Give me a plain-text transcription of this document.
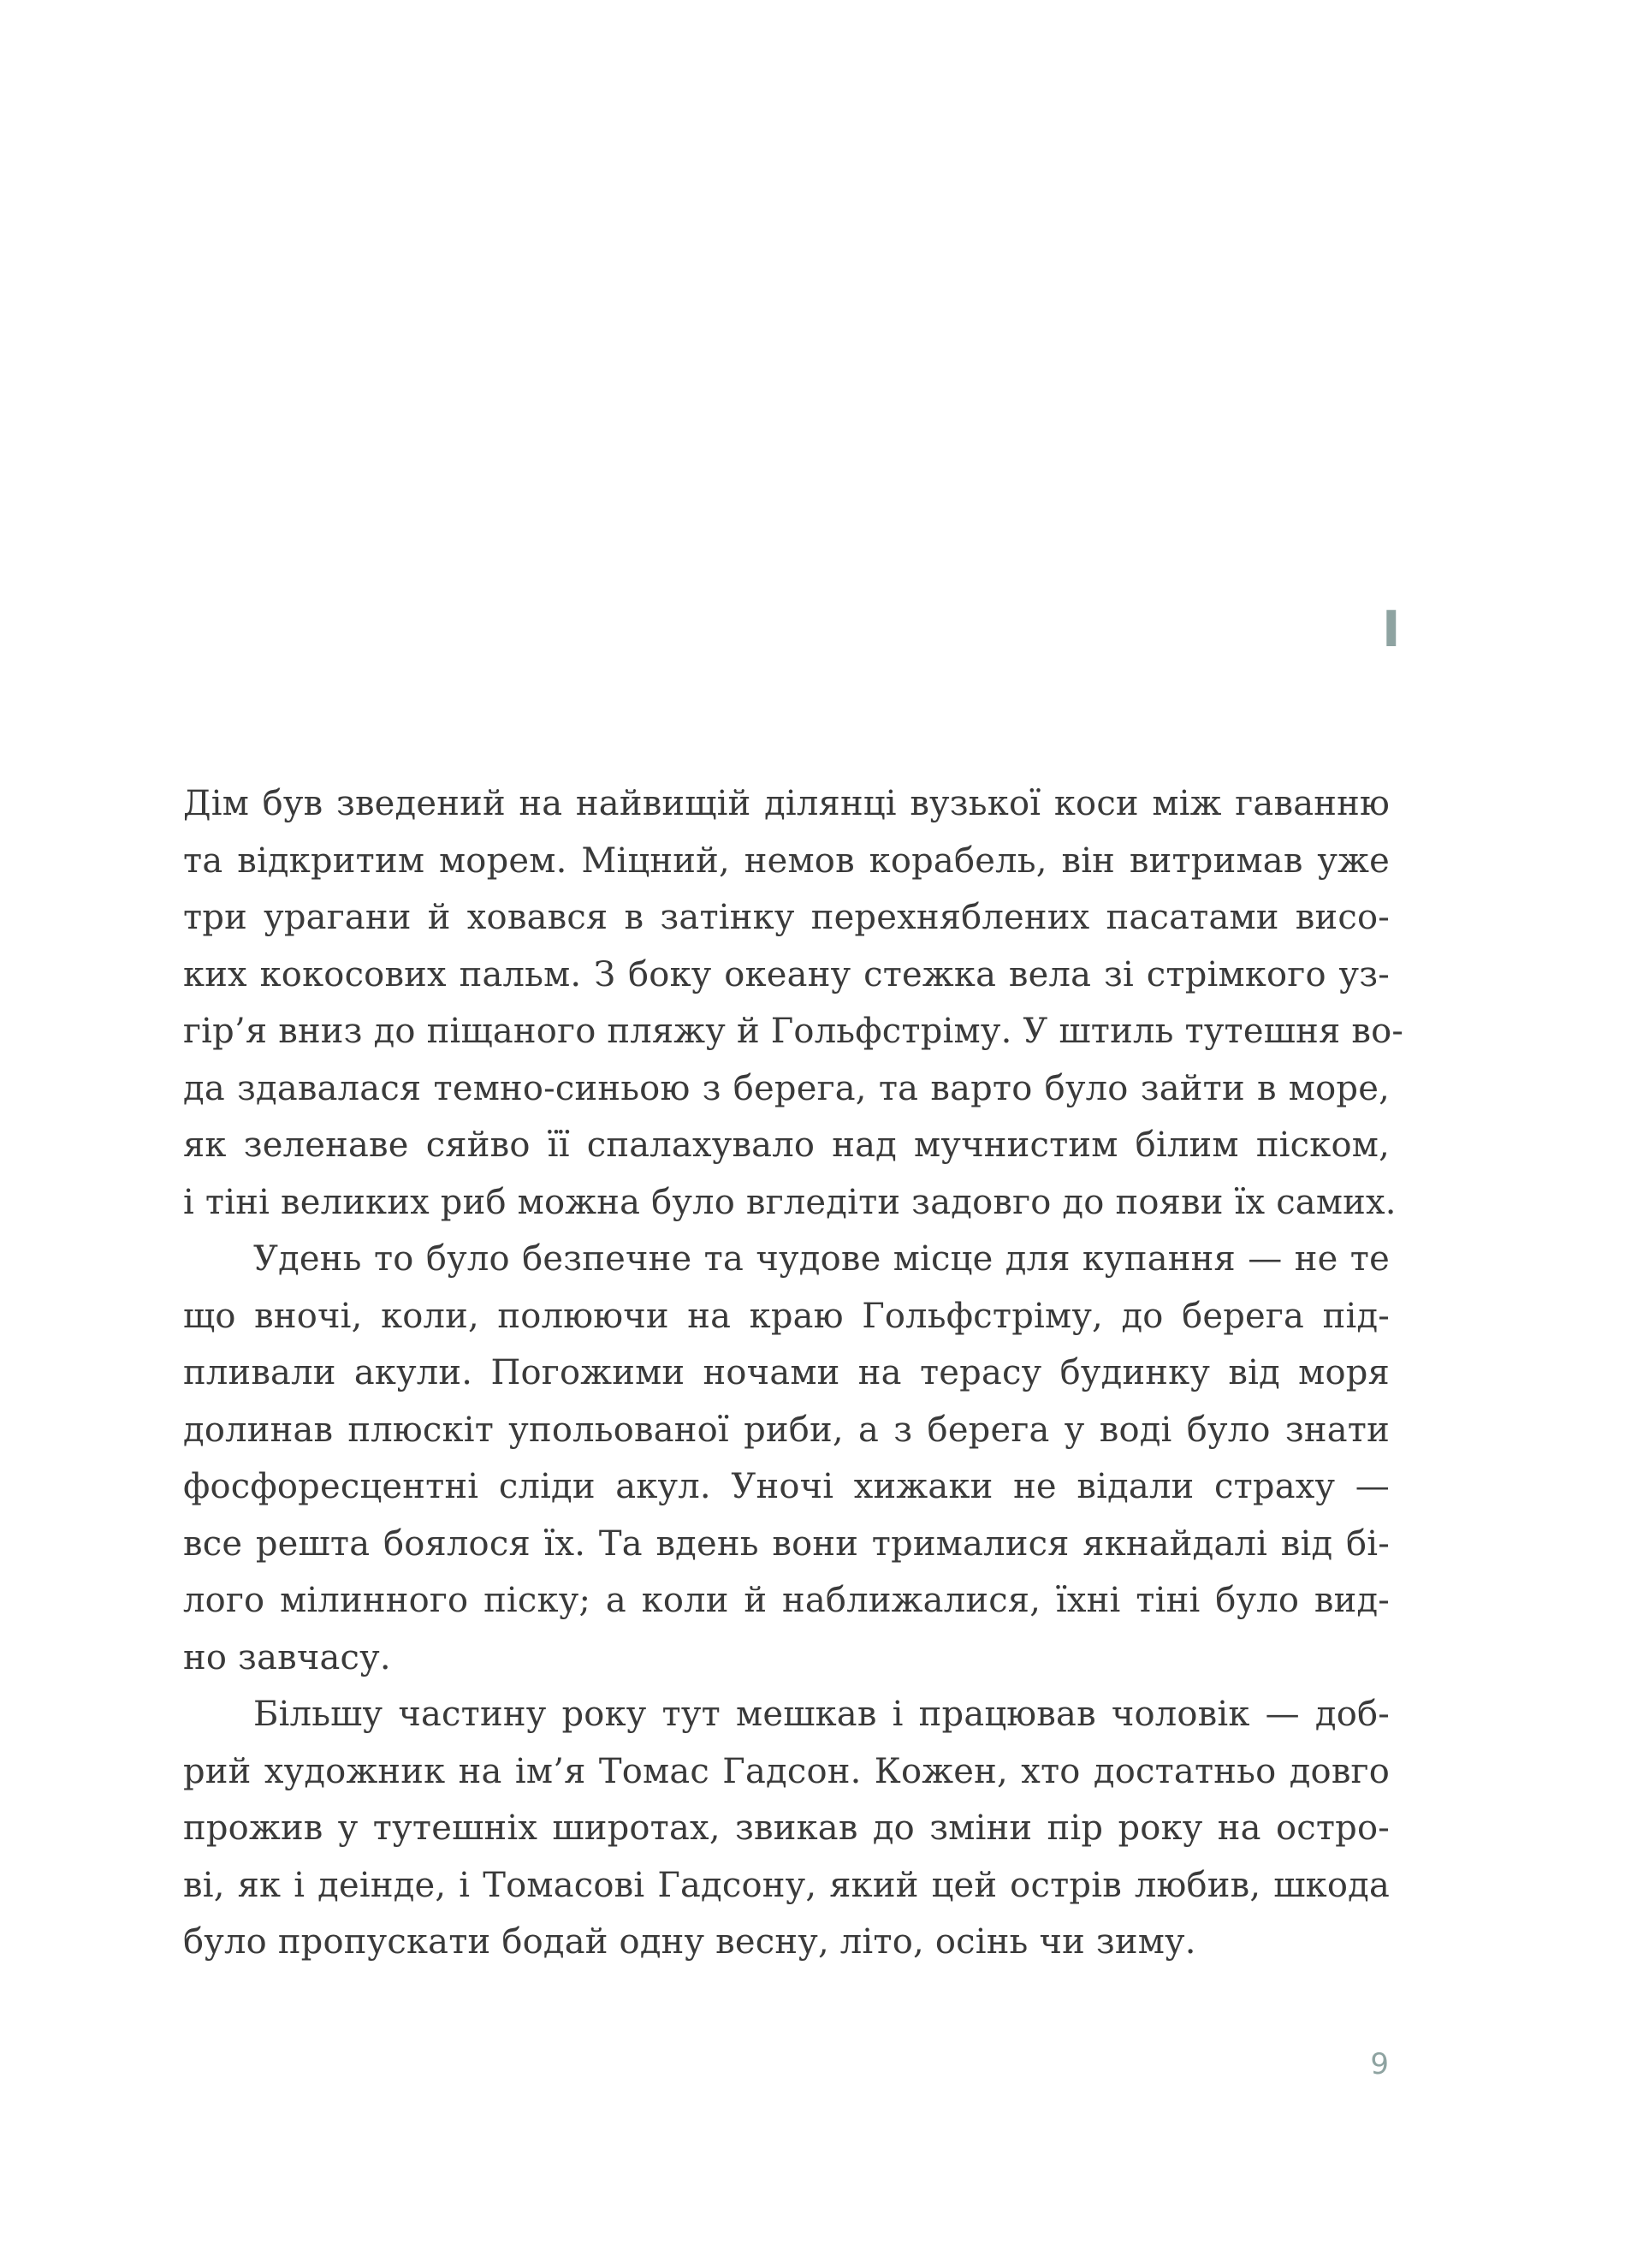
I
Дім був зведений на найвищій ділянці вузької коси між гаванню
та відкритим морем. Міцний, немов корабель, він витримав уже
три урагани й ховався в затінку перехняблених пасатами висо-
ких кокосових пальм. З боку океану стежка вела зі стрімкого уз-
гір’я вниз до піщаного пляжу й Гольфстріму. У штиль тутешня во-
да здавалася темно-синьою з берега, та варто було зайти в море,
як зеленаве сяйво її спалахувало над мучнистим білим піском,
і тіні великих риб можна було вгледіти задовго до появи їх самих.
Удень то було безпечне та чудове місце для купання — не те
що вночі, коли, полюючи на краю Гольфстріму, до берега під-
пливали акули. Погожими ночами на терасу будинку від моря
долинав плюскіт упольованої риби, а з берега у воді було знати
фосфоресцентні сліди акул. Уночі хижаки не відали страху —
все решта боялося їх. Та вдень вони трималися якнайдалі від бі-
лого мілинного піску; а коли й наближалися, їхні тіні було вид-
но завчасу.
Більшу частину року тут мешкав і працював чоловік — доб-
рий художник на ім’я Томас Гадсон. Кожен, хто достатньо довго
прожив у тутешніх широтах, звикав до зміни пір року на остро-
ві, як і деінде, і Томасові Гадсону, який цей острів любив, шкода
було пропускати бодай одну весну, літо, осінь чи зиму.
9
